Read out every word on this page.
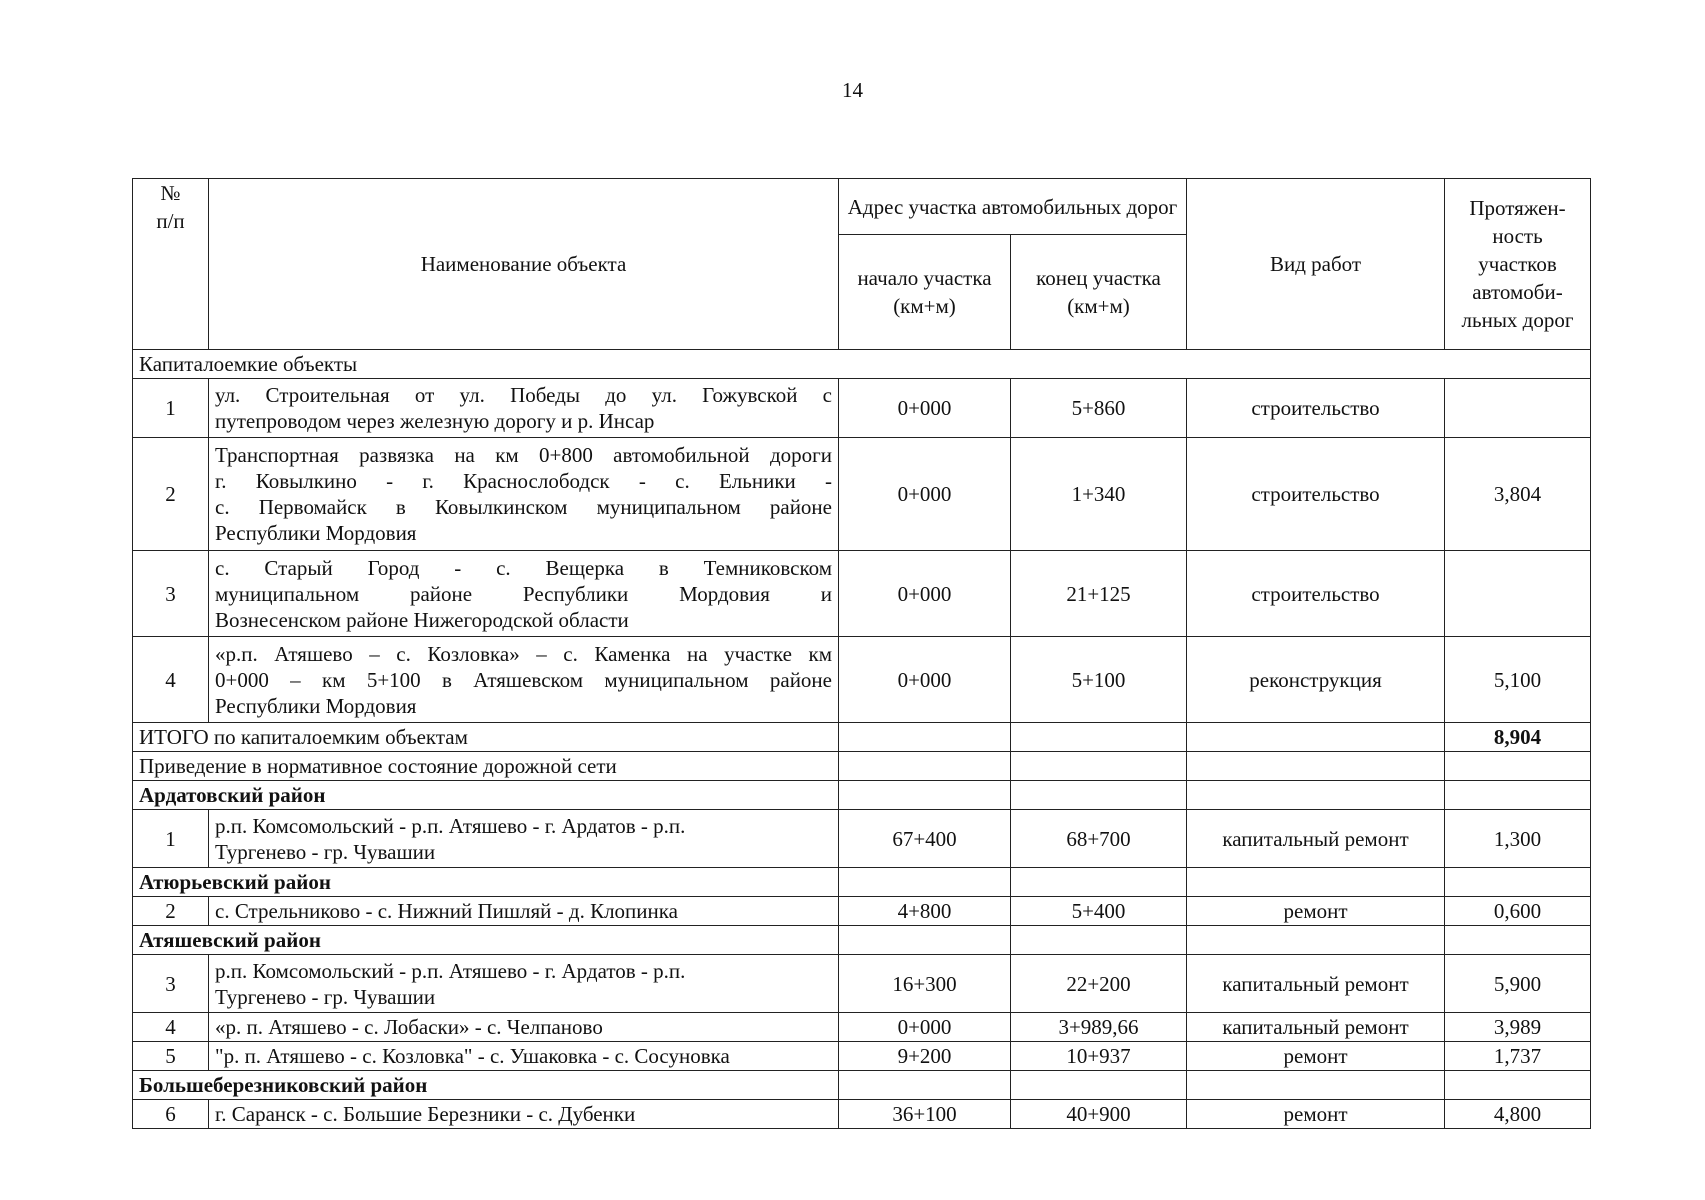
14
№
п/п	Наименование объекта	Адрес участка автомобильных дорог		Вид работ	Протяжен-ность участков автомоби-льных дорог
		начало участка (км+м)	конец участка (км+м)		
Капиталоемкие объекты					
1	ул. Строительная от ул. Победы до ул. Гожувской с
путепроводом через железную дорогу и р. Инсар	0+000	5+860	строительство	
2	Транспортная развязка на км 0+800 автомобильной дороги
г. Ковылкино - г. Краснослободск - с. Ельники -
с. Первомайск в Ковылкинском муниципальном районе
Республики Мордовия	0+000	1+340	строительство	3,804
3	с. Старый Город - с. Вещерка в Темниковском
муниципальном районе Республики Мордовия и
Вознесенском районе Нижегородской области	0+000	21+125	строительство	
4	«р.п. Атяшево – с. Козловка» – с. Каменка на участке км
0+000 – км 5+100 в Атяшевском муниципальном районе
Республики Мордовия	0+000	5+100	реконструкция	5,100
ИТОГО по капиталоемким объектам					8,904
Приведение в нормативное состояние дорожной сети					
Ардатовский район					
1	р.п. Комсомольский - р.п. Атяшево - г. Ардатов - р.п.
Тургенево - гр. Чувашии	67+400	68+700	капитальный ремонт	1,300
Атюрьевский район					
2	с. Стрельниково - с. Нижний Пишляй - д. Клопинка	4+800	5+400	ремонт	0,600
Атяшевский район					
3	р.п. Комсомольский - р.п. Атяшево - г. Ардатов - р.п.
Тургенево - гр. Чувашии	16+300	22+200	капитальный ремонт	5,900
4	«р. п. Атяшево - с. Лобаски» - с. Челпаново	0+000	3+989,66	капитальный ремонт	3,989
5	"р. п. Атяшево - с. Козловка" - с. Ушаковка - с. Сосуновка	9+200	10+937	ремонт	1,737
Большеберезниковский район					
6	г. Саранск - с. Большие Березники - с. Дубенки	36+100	40+900	ремонт	4,800
